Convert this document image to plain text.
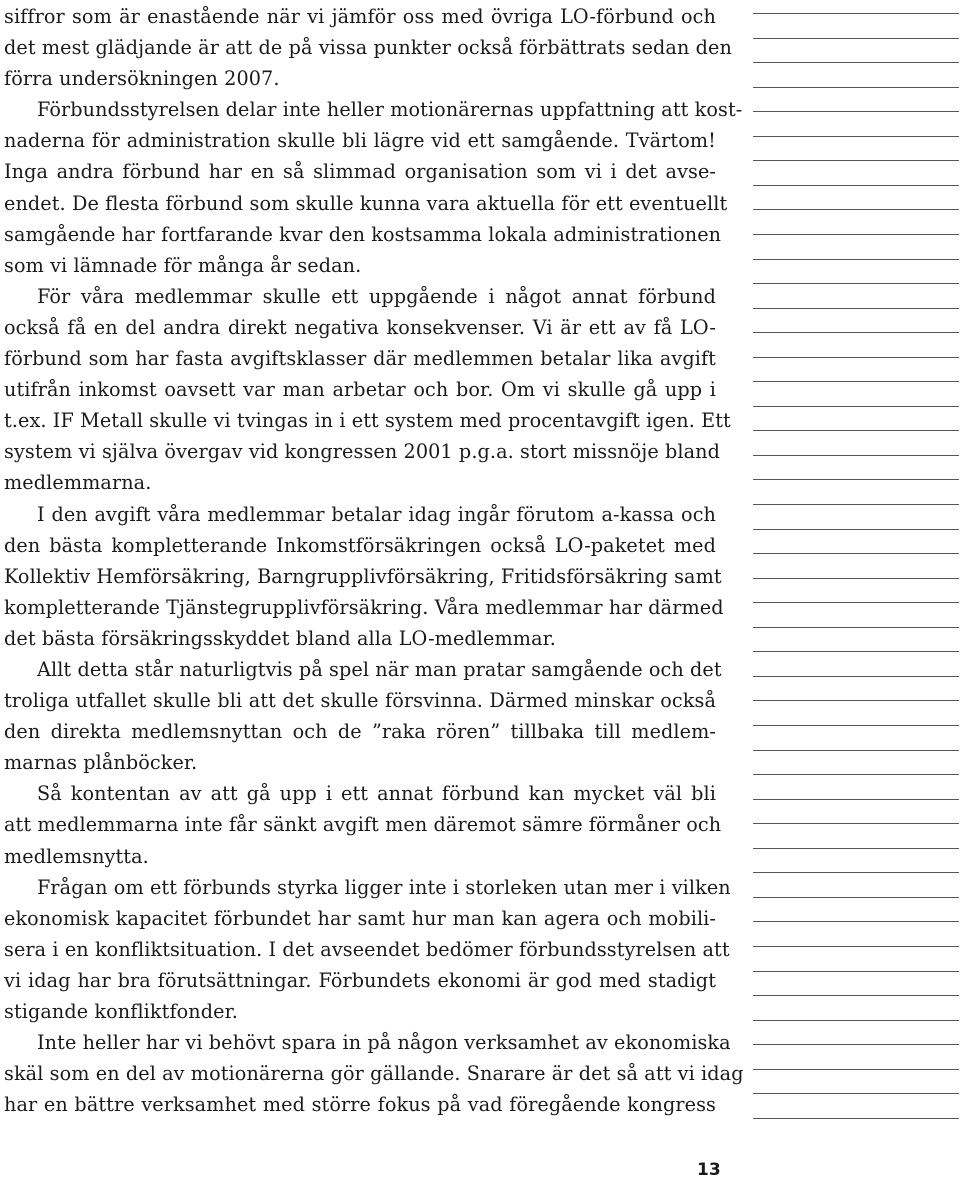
siffror som är enastående när vi jämför oss med övriga LO-förbund och
det mest glädjande är att de på vissa punkter också förbättrats sedan den
förra undersökningen 2007.
Förbundsstyrelsen delar inte heller motionärernas uppfattning att kost-
naderna för administration skulle bli lägre vid ett samgående. Tvärtom!
Inga andra förbund har en så slimmad organisation som vi i det avse-
endet. De flesta förbund som skulle kunna vara aktuella för ett eventuellt
samgående har fortfarande kvar den kostsamma lokala administrationen
som vi lämnade för många år sedan.
För våra medlemmar skulle ett uppgående i något annat förbund
också få en del andra direkt negativa konsekvenser. Vi är ett av få LO-
förbund som har fasta avgiftsklasser där medlemmen betalar lika avgift
utifrån inkomst oavsett var man arbetar och bor. Om vi skulle gå upp i
t.ex. IF Metall skulle vi tvingas in i ett system med procentavgift igen. Ett
system vi själva övergav vid kongressen 2001 p.g.a. stort missnöje bland
medlemmarna.
I den avgift våra medlemmar betalar idag ingår förutom a-kassa och
den bästa kompletterande Inkomstförsäkringen också LO-paketet med
Kollektiv Hemförsäkring, Barngrupplivförsäkring, Fritidsförsäkring samt
kompletterande Tjänstegrupplivförsäkring. Våra medlemmar har därmed
det bästa försäkringsskyddet bland alla LO-medlemmar.
Allt detta står naturligtvis på spel när man pratar samgående och det
troliga utfallet skulle bli att det skulle försvinna. Därmed minskar också
den direkta medlemsnyttan och de ”raka rören” tillbaka till medlem-
marnas plånböcker.
Så kontentan av att gå upp i ett annat förbund kan mycket väl bli
att medlemmarna inte får sänkt avgift men däremot sämre förmåner och
medlemsnytta.
Frågan om ett förbunds styrka ligger inte i storleken utan mer i vilken
ekonomisk kapacitet förbundet har samt hur man kan agera och mobili-
sera i en konfliktsituation. I det avseendet bedömer förbundsstyrelsen att
vi idag har bra förutsättningar. Förbundets ekonomi är god med stadigt
stigande konfliktfonder.
Inte heller har vi behövt spara in på någon verksamhet av ekonomiska
skäl som en del av motionärerna gör gällande. Snarare är det så att vi idag
har en bättre verksamhet med större fokus på vad föregående kongress
13
